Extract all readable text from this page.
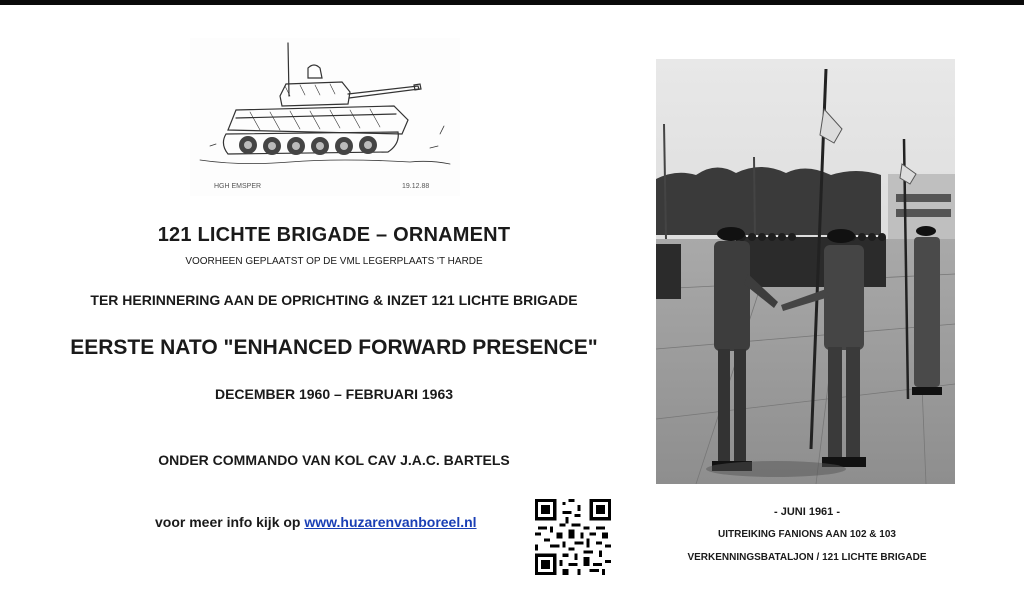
HGH EMSPER	19.12.88
121 LICHTE BRIGADE – ORNAMENT
VOORHEEN GEPLAATST OP DE VML LEGERPLAATS 'T HARDE
TER HERINNERING AAN DE OPRICHTING & INZET 121 LICHTE BRIGADE
EERSTE NATO "ENHANCED FORWARD PRESENCE"
DECEMBER 1960 – FEBRUARI 1963
ONDER COMMANDO VAN KOL CAV J.A.C. BARTELS
voor meer info kijk op www.huzarenvanboreel.nl
- JUNI 1961 -
UITREIKING FANIONS AAN 102 & 103
VERKENNINGSBATALJON / 121 LICHTE BRIGADE
